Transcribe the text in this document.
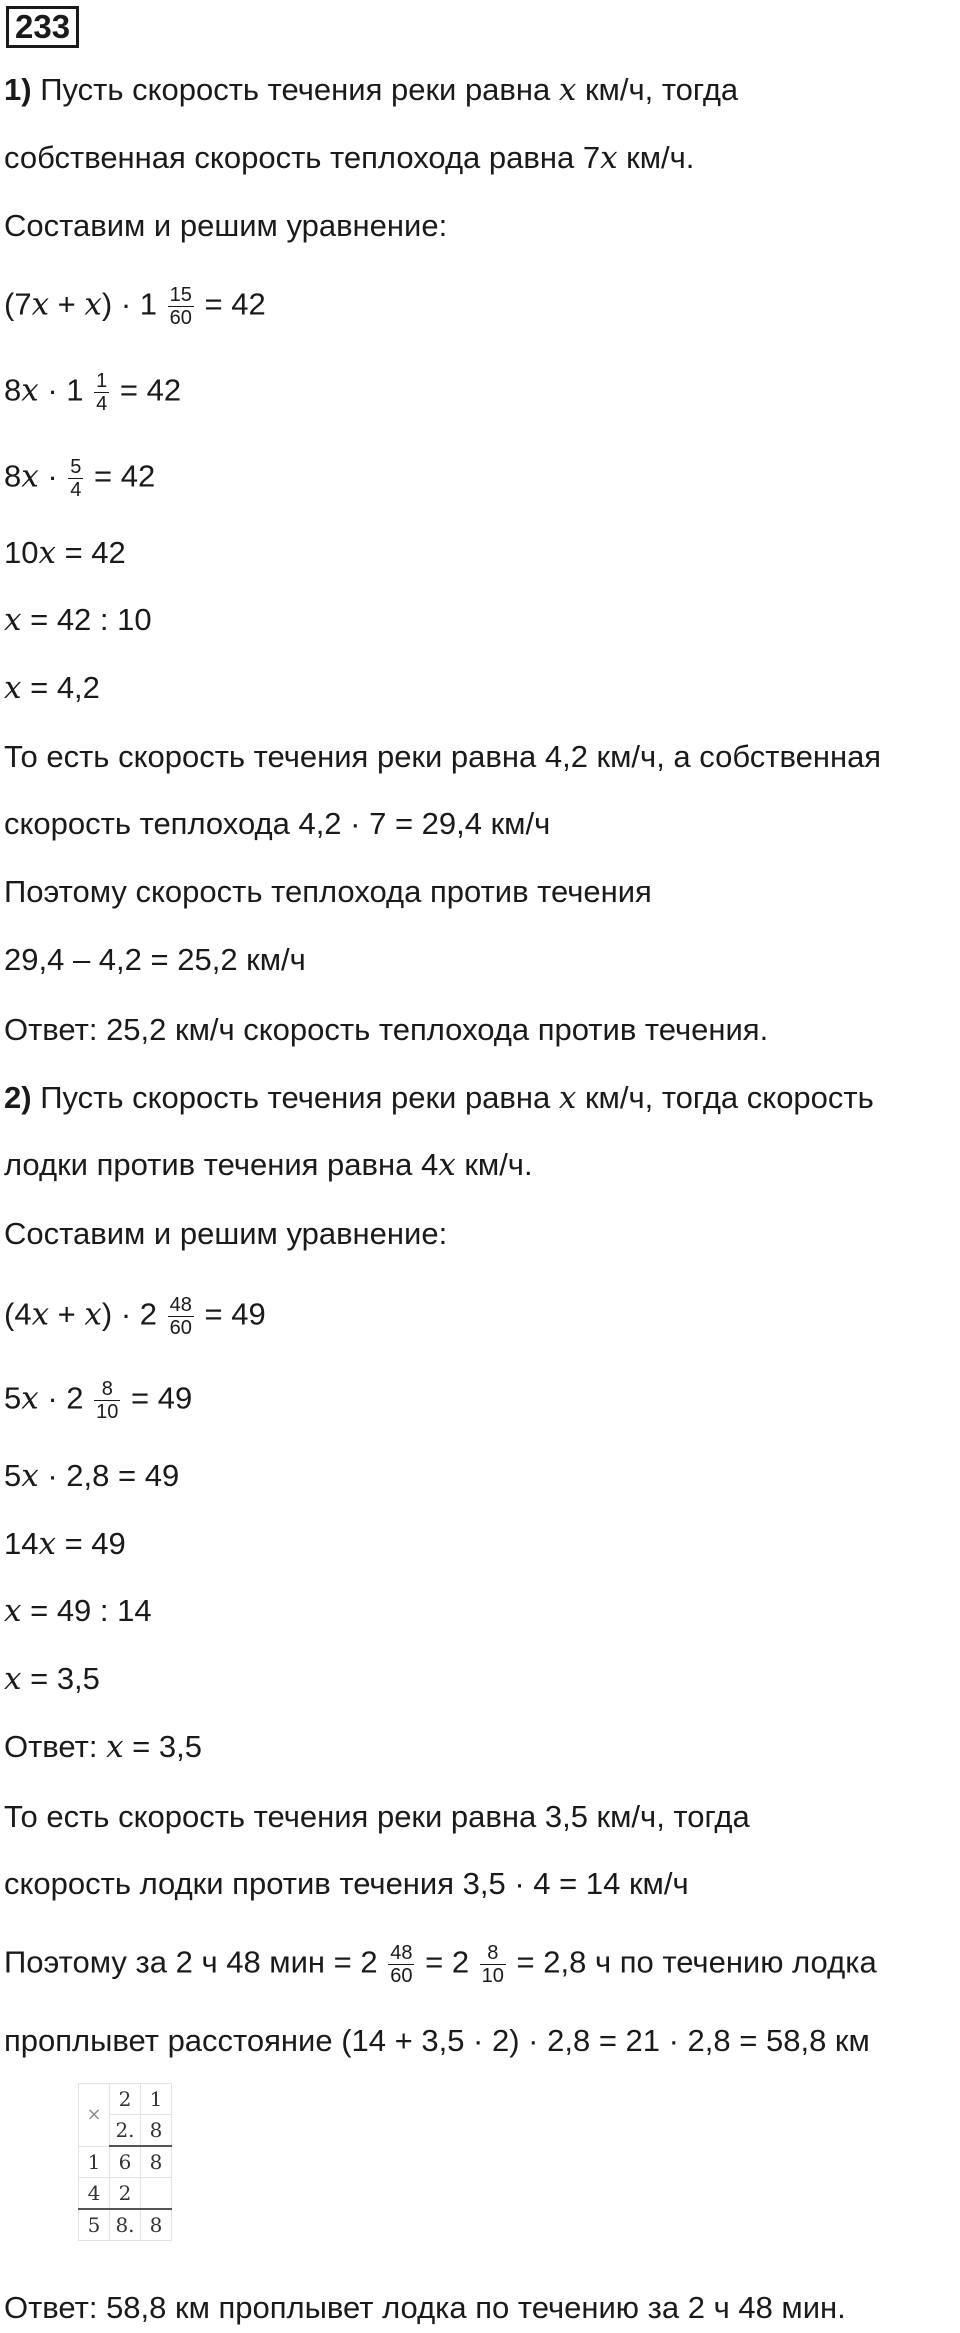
233
1) Пусть скорость течения реки равна x км/ч, тогда
собственная скорость теплохода равна 7x км/ч.
Составим и решим уравнение:
$(7x + x) \cdot 1 \frac{15}{60} = 42$
$8x \cdot 1 \frac{1}{4} = 42$
$8x \cdot \frac{5}{4} = 42$
10x = 42
x = 42 : 10
x = 4,2
То есть скорость течения реки равна 4,2 км/ч, а собственная
скорость теплохода 4,2 · 7 = 29,4 км/ч
Поэтому скорость теплохода против течения
29,4 – 4,2 = 25,2 км/ч
Ответ: 25,2 км/ч скорость теплохода против течения.
2) Пусть скорость течения реки равна x км/ч, тогда скорость
лодки против течения равна 4x км/ч.
Составим и решим уравнение:
$(4x + x) \cdot 2 \frac{48}{60} = 49$
$5x \cdot 2 \frac{8}{10} = 49$
5x · 2,8 = 49
14x = 49
x = 49 : 14
x = 3,5
Ответ: x = 3,5
То есть скорость течения реки равна 3,5 км/ч, тогда
скорость лодки против течения 3,5 · 4 = 14 км/ч
Поэтому за 2 ч 48 мин = $2 \frac{48}{60} = 2 \frac{8}{10} = 2,8$ ч по течению лодка
проплывет расстояние (14 + 3,5 · 2) · 2,8 = 21 · 2,8 = 58,8 км
Ответ: 58,8 км проплывет лодка по течению за 2 ч 48 мин.
×	2	1
	2.	8
1	6	8
4	2	
5	8.	8
